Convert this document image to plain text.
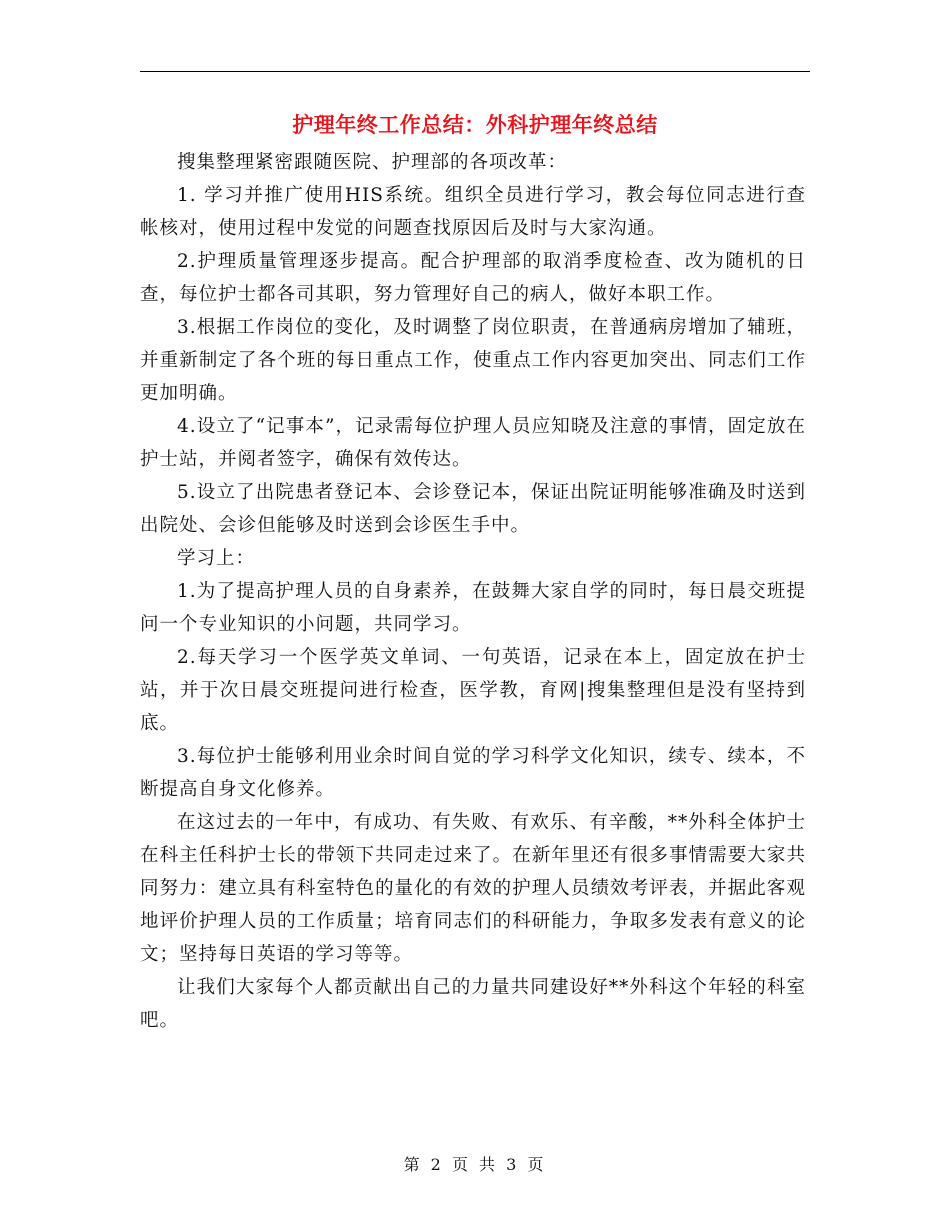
护理年终工作总结：外科护理年终总结

搜集整理紧密跟随医院、护理部的各项改革：

1. 学习并推广使用HIS系统。组织全员进行学习，教会每位同志进行查帐核对，使用过程中发觉的问题查找原因后及时与大家沟通。

2.护理质量管理逐步提高。配合护理部的取消季度检查、改为随机的日查，每位护士都各司其职，努力管理好自己的病人，做好本职工作。

3.根据工作岗位的变化，及时调整了岗位职责，在普通病房增加了辅班，并重新制定了各个班的每日重点工作，使重点工作内容更加突出、同志们工作更加明确。

4.设立了“记事本”，记录需每位护理人员应知晓及注意的事情，固定放在护士站，并阅者签字，确保有效传达。

5.设立了出院患者登记本、会诊登记本，保证出院证明能够准确及时送到出院处、会诊但能够及时送到会诊医生手中。

学习上：

1.为了提高护理人员的自身素养，在鼓舞大家自学的同时，每日晨交班提问一个专业知识的小问题，共同学习。

2.每天学习一个医学英文单词、一句英语，记录在本上，固定放在护士站，并于次日晨交班提问进行检查，医学教，育网|搜集整理但是没有坚持到底。

3.每位护士能够利用业余时间自觉的学习科学文化知识，续专、续本，不断提高自身文化修养。

在这过去的一年中，有成功、有失败、有欢乐、有辛酸，**外科全体护士在科主任科护士长的带领下共同走过来了。在新年里还有很多事情需要大家共同努力：建立具有科室特色的量化的有效的护理人员绩效考评表，并据此客观地评价护理人员的工作质量；培育同志们的科研能力，争取多发表有意义的论文；坚持每日英语的学习等等。

让我们大家每个人都贡献出自己的力量共同建设好**外科这个年轻的科室吧。

第 2 页 共 3 页
